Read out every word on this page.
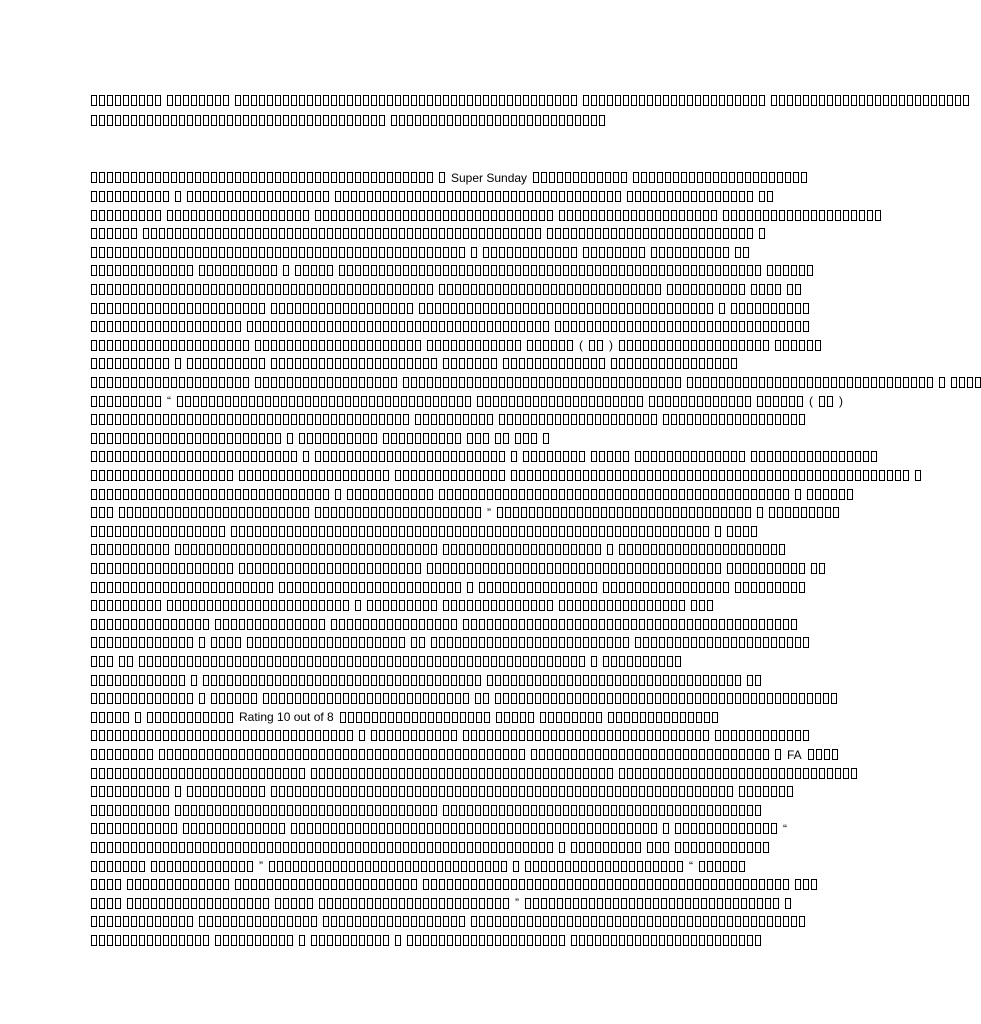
Super Sunday
( )
“	( )
”
Rating 10 out of 8
FA
“
”	“
”
